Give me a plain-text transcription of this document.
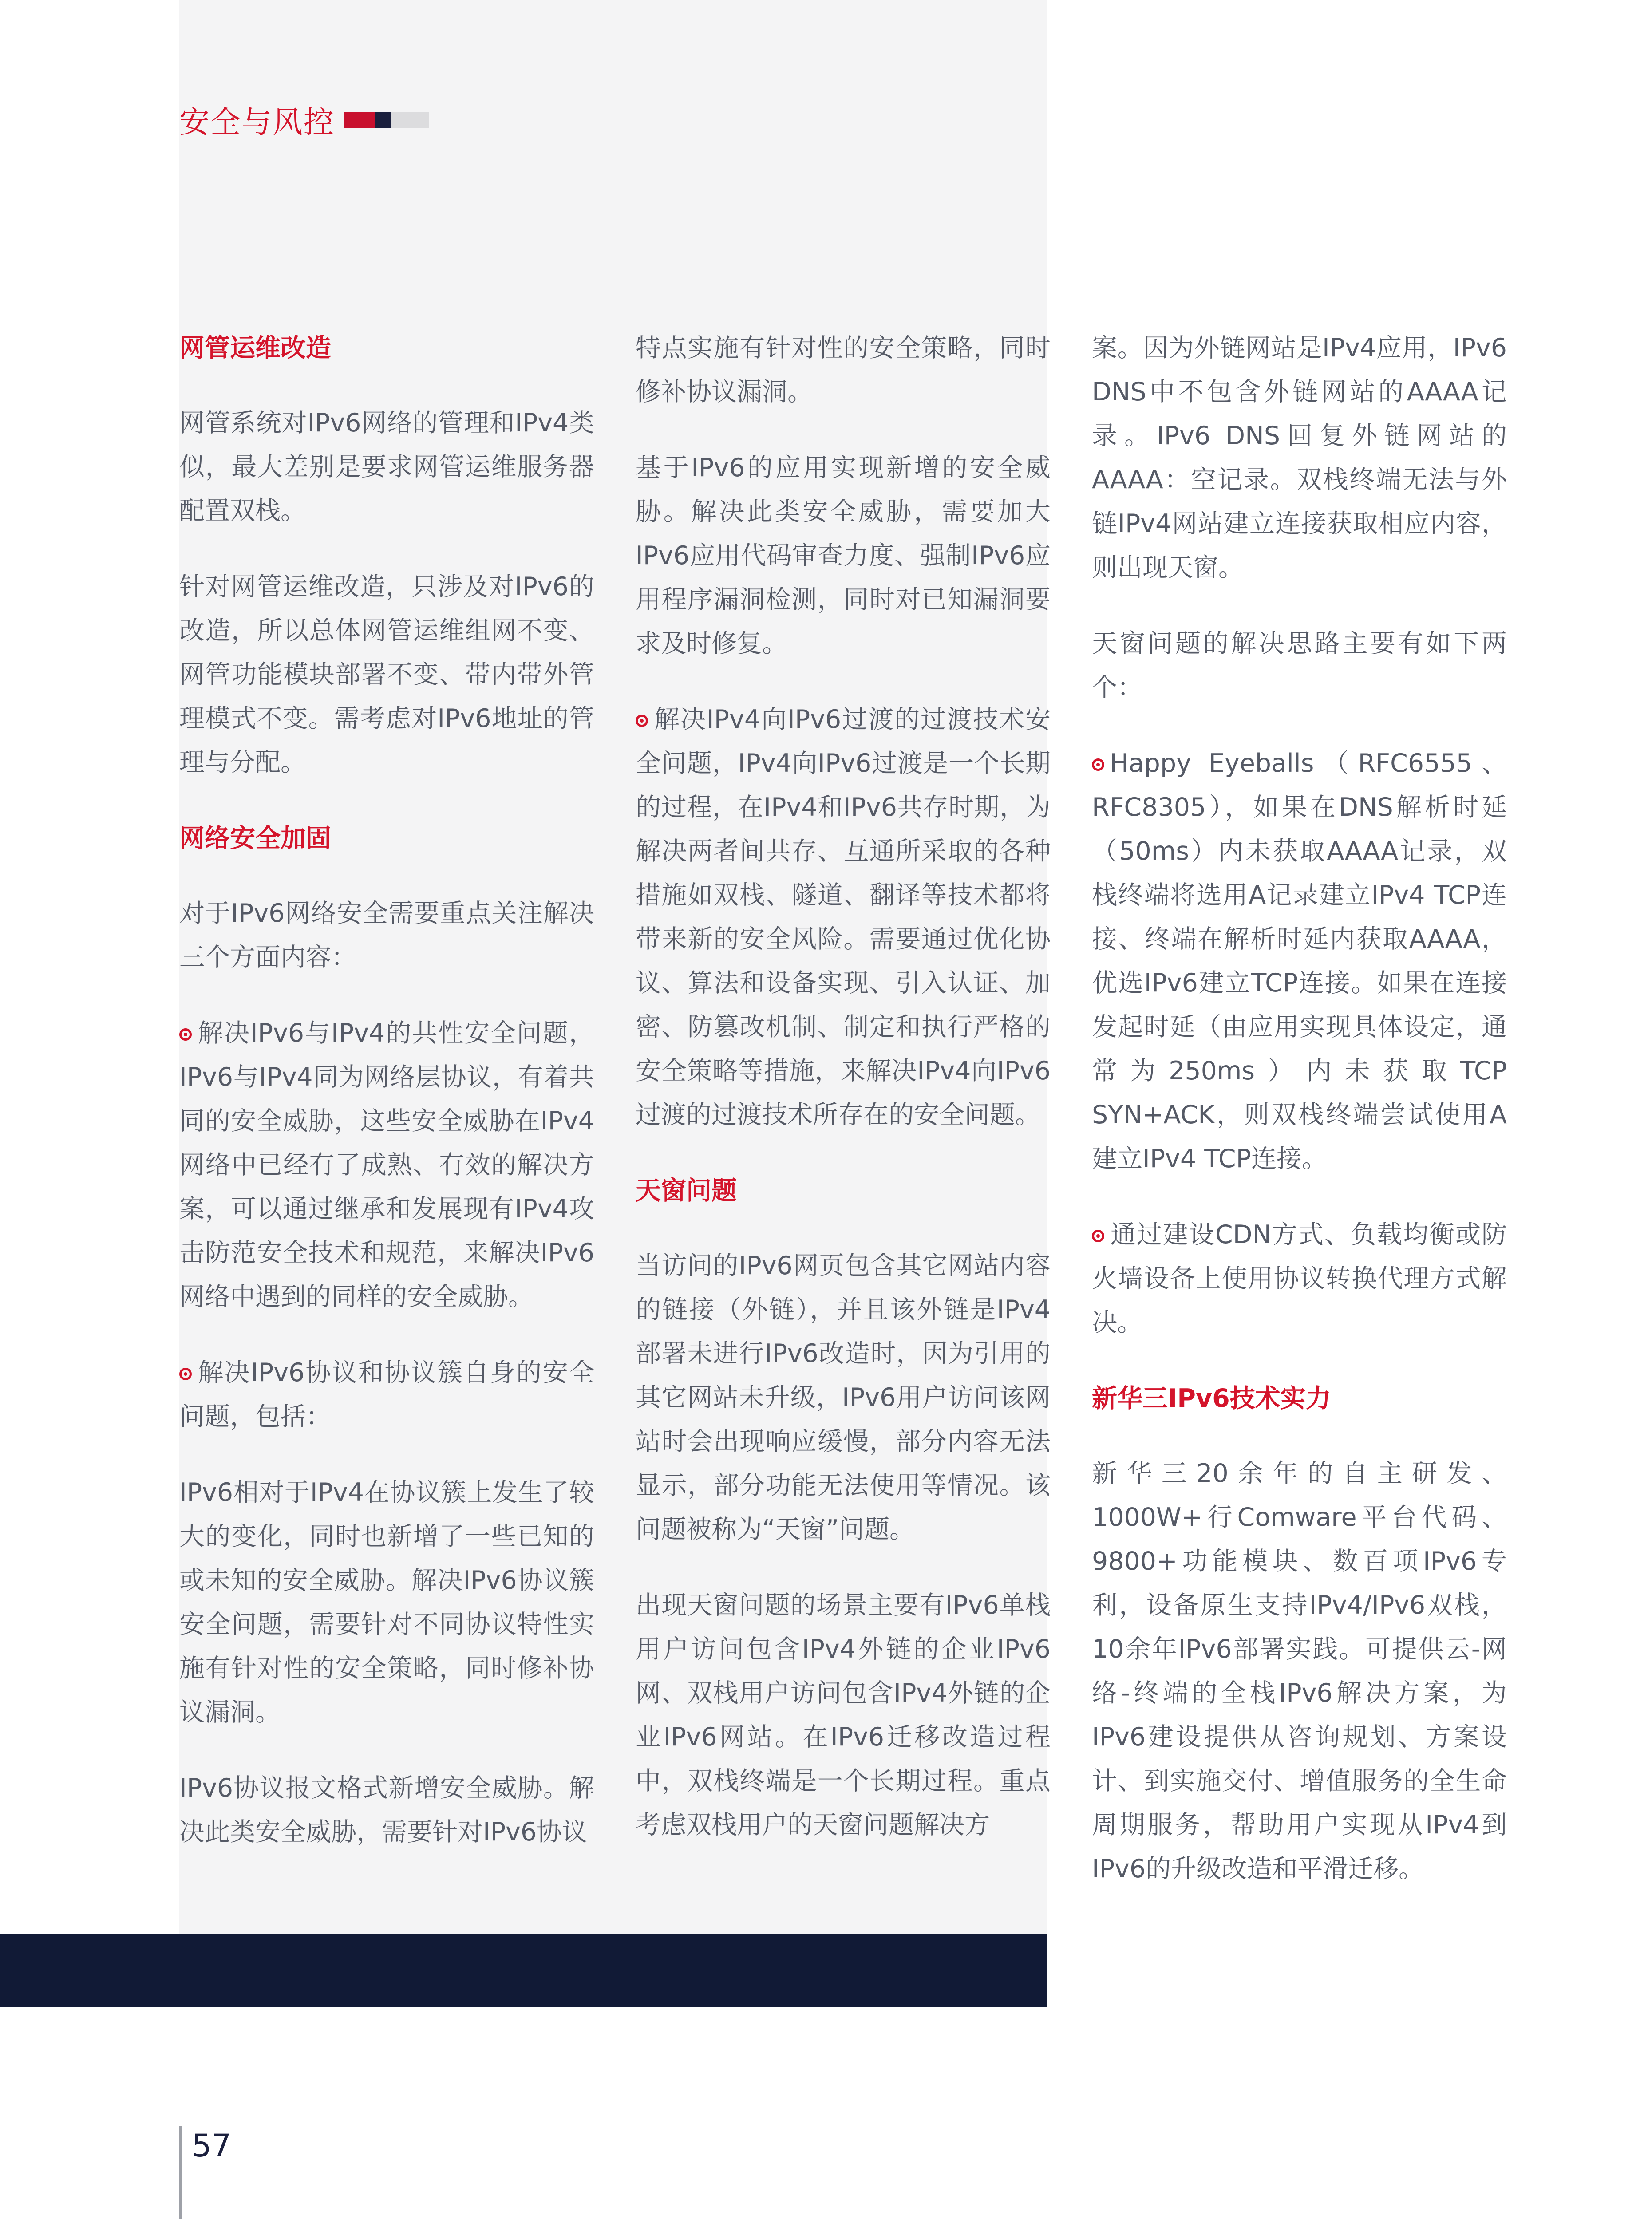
安全与风控
网管运维改造

网管系统对IPv6网络的管理和IPv4类似，最大差别是要求网管运维服务器配置双栈。

针对网管运维改造，只涉及对IPv6的改造，所以总体网管运维组网不变、网管功能模块部署不变、带内带外管理模式不变。需考虑对IPv6地址的管理与分配。

网络安全加固

对于IPv6网络安全需要重点关注解决三个方面内容：

解决IPv6与IPv4的共性安全问题，IPv6与IPv4同为网络层协议，有着共同的安全威胁，这些安全威胁在IPv4网络中已经有了成熟、有效的解决方案，可以通过继承和发展现有IPv4攻击防范安全技术和规范，来解决IPv6网络中遇到的同样的安全威胁。

解决IPv6协议和协议簇自身的安全问题，包括：

IPv6相对于IPv4在协议簇上发生了较大的变化，同时也新增了一些已知的或未知的安全威胁。解决IPv6协议簇安全问题，需要针对不同协议特性实施有针对性的安全策略，同时修补协议漏洞。

IPv6协议报文格式新增安全威胁。解决此类安全威胁，需要针对IPv6协议

特点实施有针对性的安全策略，同时修补协议漏洞。

基于IPv6的应用实现新增的安全威胁。解决此类安全威胁，需要加大IPv6应用代码审查力度、强制IPv6应用程序漏洞检测，同时对已知漏洞要求及时修复。

解决IPv4向IPv6过渡的过渡技术安全问题，IPv4向IPv6过渡是一个长期的过程，在IPv4和IPv6共存时期，为解决两者间共存、互通所采取的各种措施如双栈、隧道、翻译等技术都将带来新的安全风险。需要通过优化协议、算法和设备实现、引入认证、加密、防篡改机制、制定和执行严格的安全策略等措施，来解决IPv4向IPv6过渡的过渡技术所存在的安全问题。

天窗问题

当访问的IPv6网页包含其它网站内容的链接（外链），并且该外链是IPv4部署未进行IPv6改造时，因为引用的其它网站未升级，IPv6用户访问该网站时会出现响应缓慢，部分内容无法显示，部分功能无法使用等情况。该问题被称为“天窗”问题。

出现天窗问题的场景主要有IPv6单栈用户访问包含IPv4外链的企业IPv6网、双栈用户访问包含IPv4外链的企业IPv6网站。在IPv6迁移改造过程中，双栈终端是一个长期过程。重点考虑双栈用户的天窗问题解决方

案。因为外链网站是IPv4应用，IPv6 DNS中不包含外链网站的AAAA记录。IPv6 DNS回复外链网站的AAAA：空记录。双栈终端无法与外链IPv4网站建立连接获取相应内容，则出现天窗。

天窗问题的解决思路主要有如下两个：

Happy Eyeballs（RFC6555、RFC8305），如果在DNS解析时延（50ms）内未获取AAAA记录，双栈终端将选用A记录建立IPv4 TCP连接、终端在解析时延内获取AAAA，优选IPv6建立TCP连接。如果在连接发起时延（由应用实现具体设定，通常为250ms）内未获取TCP SYN+ACK，则双栈终端尝试使用A建立IPv4 TCP连接。

通过建设CDN方式、负载均衡或防火墙设备上使用协议转换代理方式解决。

新华三IPv6技术实力

新华三20余年的自主研发、1000W+行Comware平台代码、9800+功能模块、数百项IPv6专利，设备原生支持IPv4/IPv6双栈，10余年IPv6部署实践。可提供云-网络-终端的全栈IPv6解决方案，为IPv6建设提供从咨询规划、方案设计、到实施交付、增值服务的全生命周期服务，帮助用户实现从IPv4到IPv6的升级改造和平滑迁移。

57
